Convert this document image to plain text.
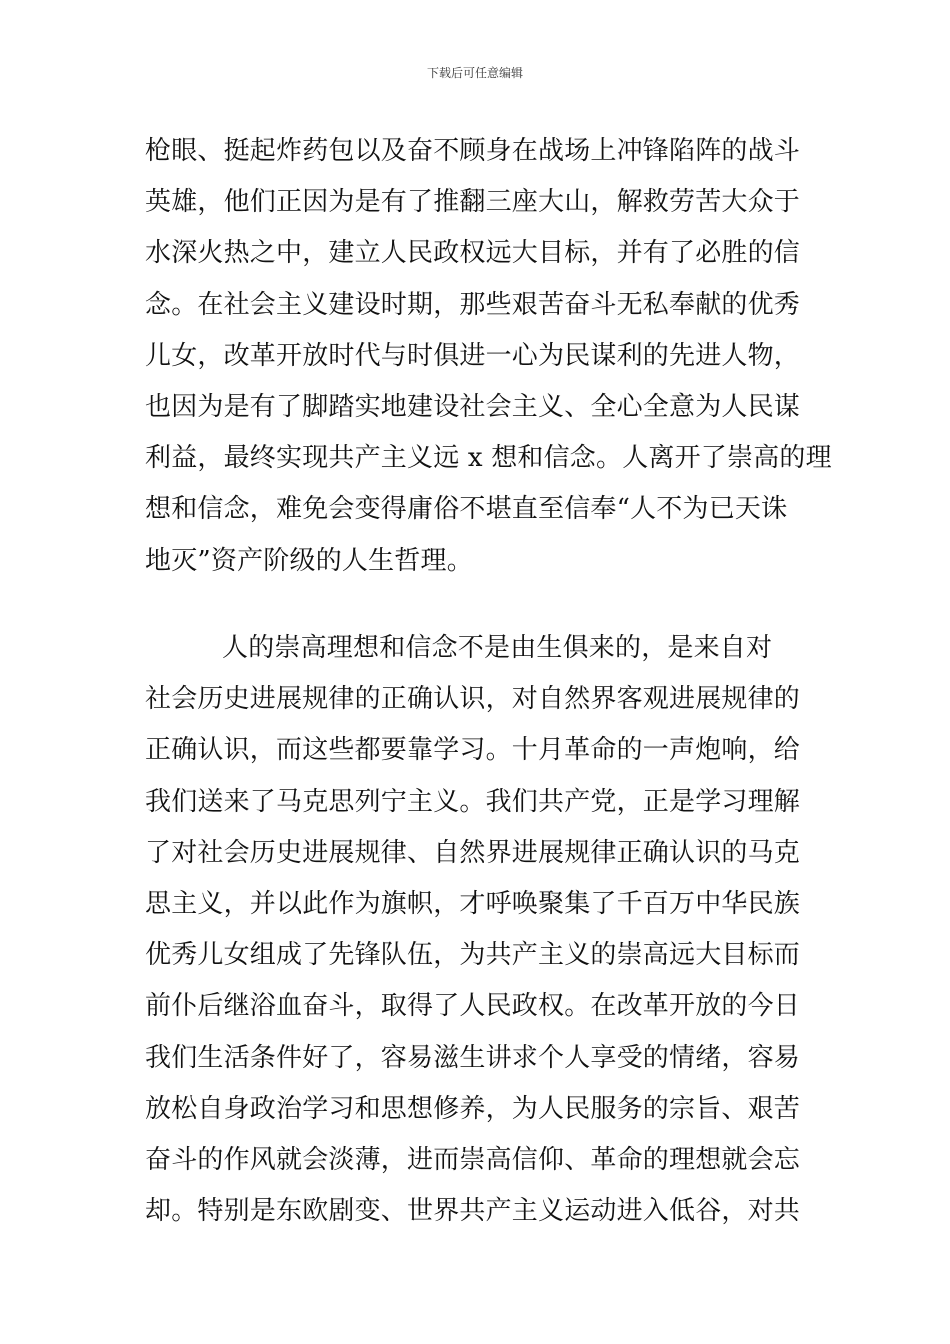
下载后可任意编辑
枪眼、挺起炸药包以及奋不顾身在战场上冲锋陷阵的战斗
英雄，他们正因为是有了推翻三座大山，解救劳苦大众于
水深火热之中，建立人民政权远大目标，并有了必胜的信
念。在社会主义建设时期，那些艰苦奋斗无私奉献的优秀
儿女，改革开放时代与时俱进一心为民谋利的先进人物，
也因为是有了脚踏实地建设社会主义、全心全意为人民谋
利益，最终实现共产主义远 x 想和信念。人离开了崇高的理
想和信念，难免会变得庸俗不堪直至信奉“人不为已天诛
地灭”资产阶级的人生哲理。
人的崇高理想和信念不是由生俱来的，是来自对
社会历史进展规律的正确认识，对自然界客观进展规律的
正确认识，而这些都要靠学习。十月革命的一声炮响，给
我们送来了马克思列宁主义。我们共产党，正是学习理解
了对社会历史进展规律、自然界进展规律正确认识的马克
思主义，并以此作为旗帜，才呼唤聚集了千百万中华民族
优秀儿女组成了先锋队伍，为共产主义的崇高远大目标而
前仆后继浴血奋斗，取得了人民政权。在改革开放的今日
我们生活条件好了，容易滋生讲求个人享受的情绪，容易
放松自身政治学习和思想修养，为人民服务的宗旨、艰苦
奋斗的作风就会淡薄，进而崇高信仰、革命的理想就会忘
却。特别是东欧剧变、世界共产主义运动进入低谷，对共
